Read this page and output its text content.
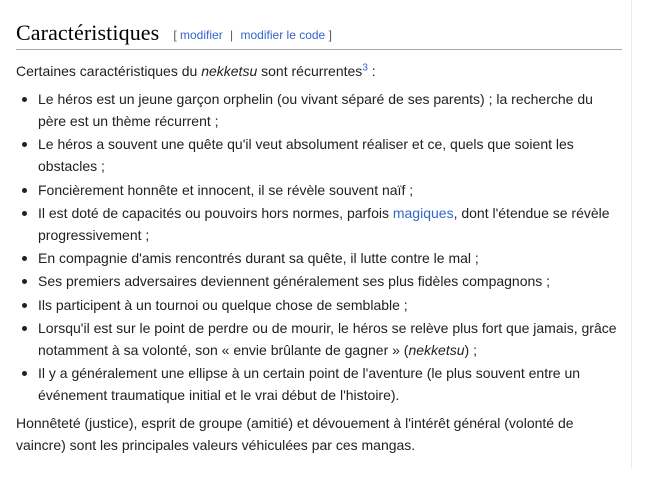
Caractéristiques [ modifier | modifier le code ]

Certaines caractéristiques du nekketsu sont récurrentes$^3$ :

Le héros est un jeune garçon orphelin (ou vivant séparé de ses parents) ; la recherche du père est un thème récurrent ;
Le héros a souvent une quête qu'il veut absolument réaliser et ce, quels que soient les obstacles ;
Foncièrement honnête et innocent, il se révèle souvent naïf ;
Il est doté de capacités ou pouvoirs hors normes, parfois magiques, dont l'étendue se révèle progressivement ;
En compagnie d'amis rencontrés durant sa quête, il lutte contre le mal ;
Ses premiers adversaires deviennent généralement ses plus fidèles compagnons ;
Ils participent à un tournoi ou quelque chose de semblable ;
Lorsqu'il est sur le point de perdre ou de mourir, le héros se relève plus fort que jamais, grâce notamment à sa volonté, son « envie brûlante de gagner » (nekketsu) ;
Il y a généralement une ellipse à un certain point de l'aventure (le plus souvent entre un événement traumatique initial et le vrai début de l'histoire).

Honnêteté (justice), esprit de groupe (amitié) et dévouement à l'intérêt général (volonté de vaincre) sont les principales valeurs véhiculées par ces mangas.
